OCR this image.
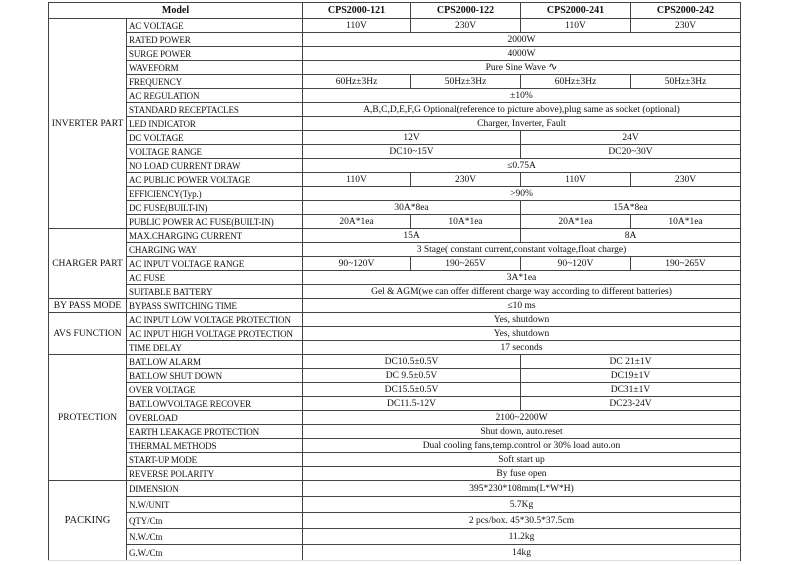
Model		CPS2000-121	CPS2000-122	CPS2000-241	CPS2000-242
INVERTER PART	AC VOLTAGE	110V	230V	110V	230V
	RATED POWER	2000W			
	SURGE POWER	4000W			
	WAVEFORM	Pure Sine Wave ∿			
	FREQUENCY	60Hz±3Hz	50Hz±3Hz	60Hz±3Hz	50Hz±3Hz
	AC REGULATION	±10%			
	STANDARD RECEPTACLES	A,B,C,D,E,F,G Optional(reference to picture above),plug same as socket (optional)			
	LED INDICATOR	Charger, Inverter, Fault			
	DC VOLTAGE	12V		24V	
	VOLTAGE RANGE	DC10~15V		DC20~30V	
	NO LOAD CURRENT DRAW	≤0.75A			
	AC PUBLIC POWER VOLTAGE	110V	230V	110V	230V
	EFFICIENCY(Typ.)	>90%			
	DC FUSE(BUILT-IN)	30A*8ea		15A*8ea	
	PUBLIC POWER AC FUSE(BUILT-IN)	20A*1ea	10A*1ea	20A*1ea	10A*1ea
CHARGER PART	MAX.CHARGING CURRENT	15A		8A	
	CHARGING WAY	3 Stage( constant current,constant voltage,float charge)			
	AC INPUT VOLTAGE RANGE	90~120V	190~265V	90~120V	190~265V
	AC FUSE	3A*1ea			
	SUITABLE BATTERY	Gel & AGM(we can offer different charge way according to different batteries)			
BY PASS MODE	BYPASS SWITCHING TIME	≤10 ms			
AVS FUNCTION	AC INPUT LOW VOLTAGE PROTECTION	Yes, shutdown			
	AC INPUT HIGH VOLTAGE PROTECTION	Yes, shutdown			
	TIME DELAY	17 seconds			
PROTECTION	BAT.LOW ALARM	DC10.5±0.5V		DC 21±1V	
	BAT.LOW SHUT DOWN	DC 9.5±0.5V		DC19±1V	
	OVER VOLTAGE	DC15.5±0.5V		DC31±1V	
	BAT.LOWVOLTAGE RECOVER	DC11.5-12V		DC23-24V	
	OVERLOAD	2100~2200W			
	EARTH LEAKAGE PROTECTION	Shut down, auto.reset			
	THERMAL METHODS	Dual cooling fans,temp.control or 30% load auto.on			
	START-UP MODE	Soft start up			
	REVERSE POLARITY	By fuse open			
PACKING	DIMENSION	395*230*108mm(L*W*H)			
	N.W/UNIT	5.7Kg			
	QTY/Ctn	2 pcs/box. 45*30.5*37.5cm			
	N.W./Ctn	11.2kg			
	G.W./Ctn	14kg			
